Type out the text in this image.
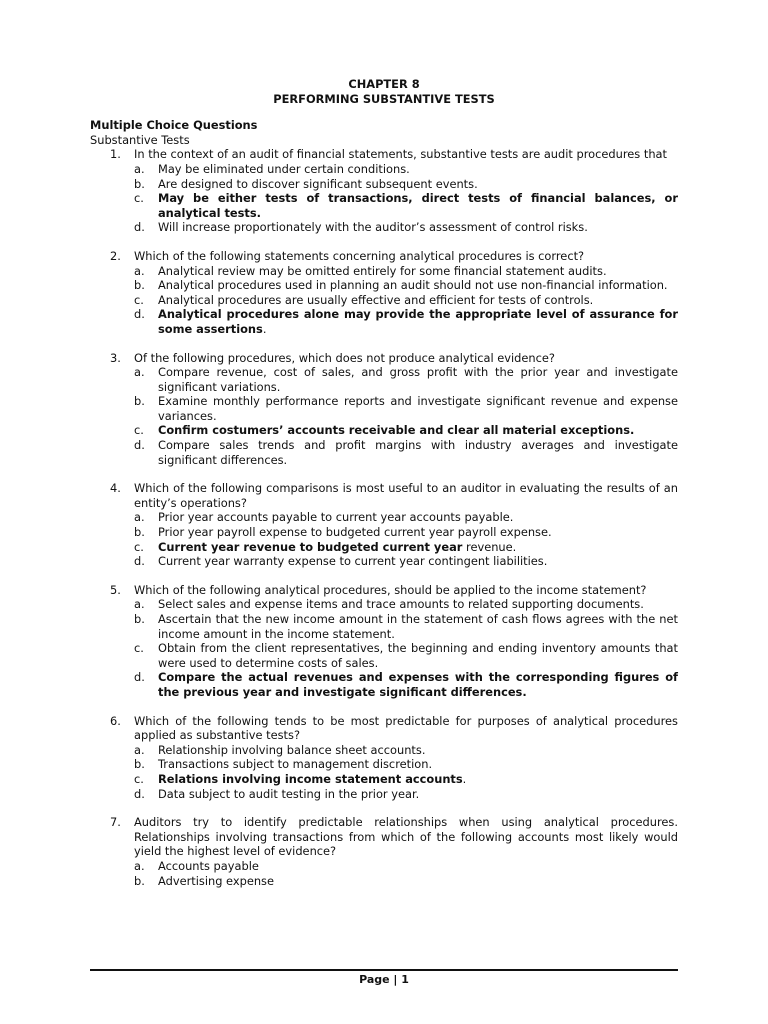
CHAPTER 8
PERFORMING SUBSTANTIVE TESTS
Multiple Choice Questions
Substantive Tests
1.	In the context of an audit of financial statements, substantive tests are audit procedures that
a.	May be eliminated under certain conditions.
b.	Are designed to discover significant subsequent events.
c.	May be either tests of transactions, direct tests of financial balances, or analytical tests.
d.	Will increase proportionately with the auditor’s assessment of control risks.
2.	Which of the following statements concerning analytical procedures is correct?
a.	Analytical review may be omitted entirely for some financial statement audits.
b.	Analytical procedures used in planning an audit should not use non-financial information.
c.	Analytical procedures are usually effective and efficient for tests of controls.
d.	Analytical procedures alone may provide the appropriate level of assurance for some assertions.
3.	Of the following procedures, which does not produce analytical evidence?
a.	Compare revenue, cost of sales, and gross profit with the prior year and investigate significant variations.
b.	Examine monthly performance reports and investigate significant revenue and expense variances.
c.	Confirm costumers’ accounts receivable and clear all material exceptions.
d.	Compare sales trends and profit margins with industry averages and investigate significant differences.
4.	Which of the following comparisons is most useful to an auditor in evaluating the results of an entity’s operations?
a.	Prior year accounts payable to current year accounts payable.
b.	Prior year payroll expense to budgeted current year payroll expense.
c.	Current year revenue to budgeted current year revenue.
d.	Current year warranty expense to current year contingent liabilities.
5.	Which of the following analytical procedures, should be applied to the income statement?
a.	Select sales and expense items and trace amounts to related supporting documents.
b.	Ascertain that the new income amount in the statement of cash flows agrees with the net income amount in the income statement.
c.	Obtain from the client representatives, the beginning and ending inventory amounts that were used to determine costs of sales.
d.	Compare the actual revenues and expenses with the corresponding figures of the previous year and investigate significant differences.
6.	Which of the following tends to be most predictable for purposes of analytical procedures applied as substantive tests?
a.	Relationship involving balance sheet accounts.
b.	Transactions subject to management discretion.
c.	Relations involving income statement accounts.
d.	Data subject to audit testing in the prior year.
7.	Auditors try to identify predictable relationships when using analytical procedures. Relationships involving transactions from which of the following accounts most likely would yield the highest level of evidence?
a.	Accounts payable
b.	Advertising expense
Page | 1
